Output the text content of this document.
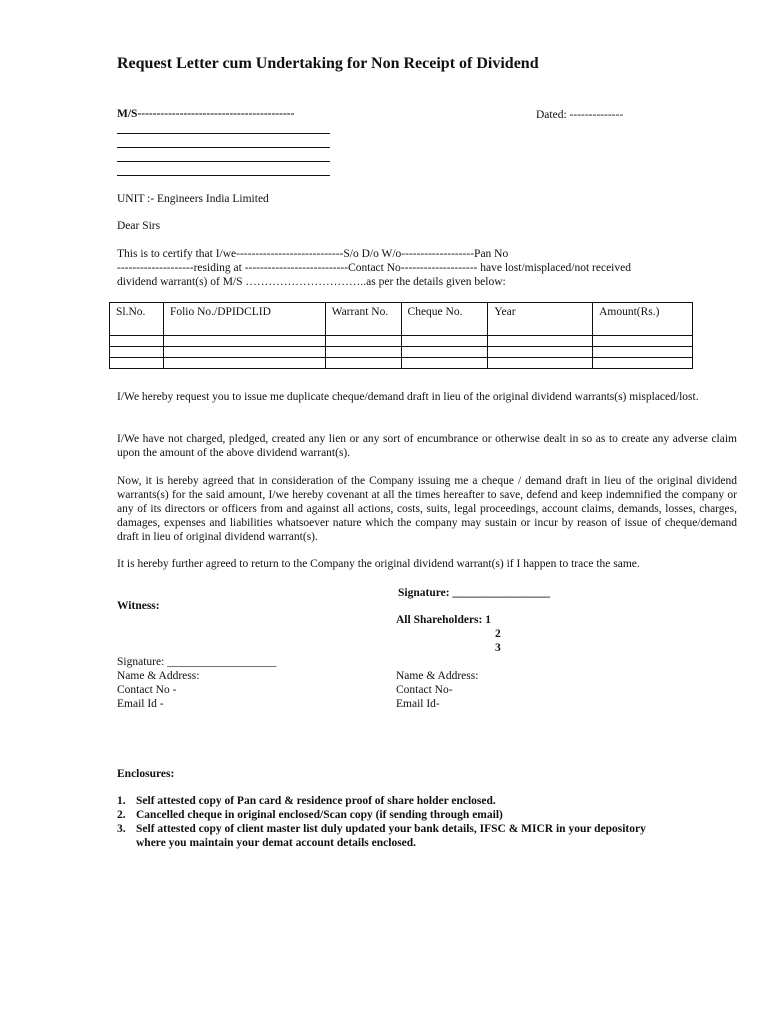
Request Letter cum Undertaking for Non Receipt of Dividend
M/S-----------------------------------------	Dated: --------------
UNIT :- Engineers India Limited
Dear Sirs
This is to certify that I/we----------------------------S/o D/o W/o-------------------Pan No
--------------------residing at ---------------------------Contact No-------------------- have lost/misplaced/not received
dividend warrant(s) of M/S …………………………..as per the details given below:
Sl.No.	Folio No./DPIDCLID	Warrant No.	Cheque No.	Year	Amount(Rs.)

I/We hereby request you to issue me duplicate cheque/demand draft in lieu of the original dividend warrants(s) misplaced/lost.
I/We have not charged, pledged, created any lien or any sort of encumbrance or otherwise dealt in so as to create any adverse claim upon the amount of the above dividend warrant(s).
Now, it is hereby agreed that in consideration of the Company issuing me a cheque / demand draft in lieu of the original dividend warrants(s) for the said amount, I/we hereby covenant at all the times hereafter to save, defend and keep indemnified the company or any of its directors or officers from and against all actions, costs, suits, legal proceedings, account claims, demands, losses, charges, damages, expenses and liabilities whatsoever nature which the company may sustain or incur by reason of issue of cheque/demand draft in lieu of original dividend warrant(s).
It is hereby further agreed to return to the Company the original dividend warrant(s) if I happen to trace the same.
Signature: _________________
Witness:
All Shareholders: 1
2
3
Signature: ___________________
Name & Address:
Contact No -
Email Id -
Name & Address:
Contact No-
Email Id-
Enclosures:
1. Self attested copy of Pan card & residence proof of share holder enclosed.
2. Cancelled cheque in original enclosed/Scan copy (if sending through email)
3. Self attested copy of client master list duly updated your bank details, IFSC & MICR in your depository
where you maintain your demat account details enclosed.
